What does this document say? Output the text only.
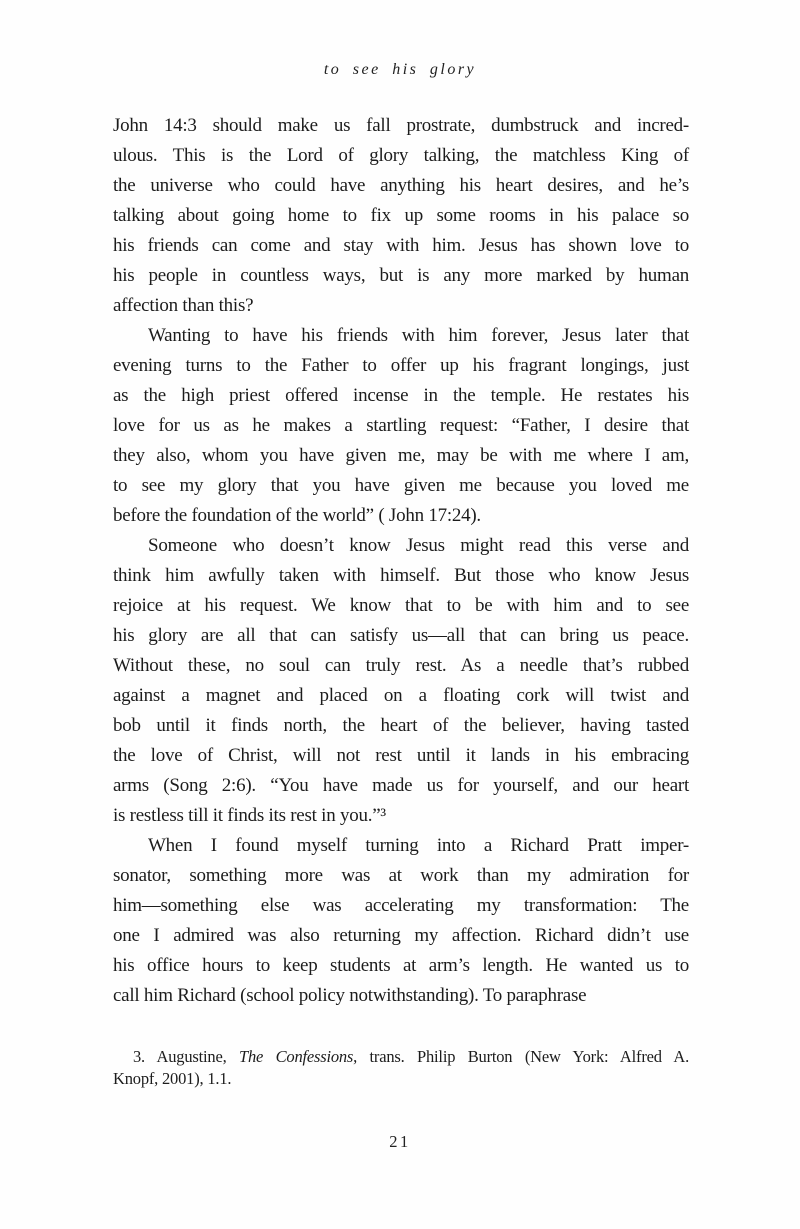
to see his glory
John 14:3 should make us fall prostrate, dumbstruck and incred-
ulous. This is the Lord of glory talking, the matchless King of
the universe who could have anything his heart desires, and he’s
talking about going home to fix up some rooms in his palace so
his friends can come and stay with him. Jesus has shown love to
his people in countless ways, but is any more marked by human
affection than this?
Wanting to have his friends with him forever, Jesus later that
evening turns to the Father to offer up his fragrant longings, just
as the high priest offered incense in the temple. He restates his
love for us as he makes a startling request: “Father, I desire that
they also, whom you have given me, may be with me where I am,
to see my glory that you have given me because you loved me
before the foundation of the world” ( John 17:24).
Someone who doesn’t know Jesus might read this verse and
think him awfully taken with himself. But those who know Jesus
rejoice at his request. We know that to be with him and to see
his glory are all that can satisfy us—all that can bring us peace.
Without these, no soul can truly rest. As a needle that’s rubbed
against a magnet and placed on a floating cork will twist and
bob until it finds north, the heart of the believer, having tasted
the love of Christ, will not rest until it lands in his embracing
arms (Song 2:6). “You have made us for yourself, and our heart
is restless till it finds its rest in you.”³
When I found myself turning into a Richard Pratt imper-
sonator, something more was at work than my admiration for
him—something else was accelerating my transformation: The
one I admired was also returning my affection. Richard didn’t use
his office hours to keep students at arm’s length. He wanted us to
call him Richard (school policy notwithstanding). To paraphrase
3. Augustine, The Confessions, trans. Philip Burton (New York: Alfred A.
Knopf, 2001), 1.1.
21
